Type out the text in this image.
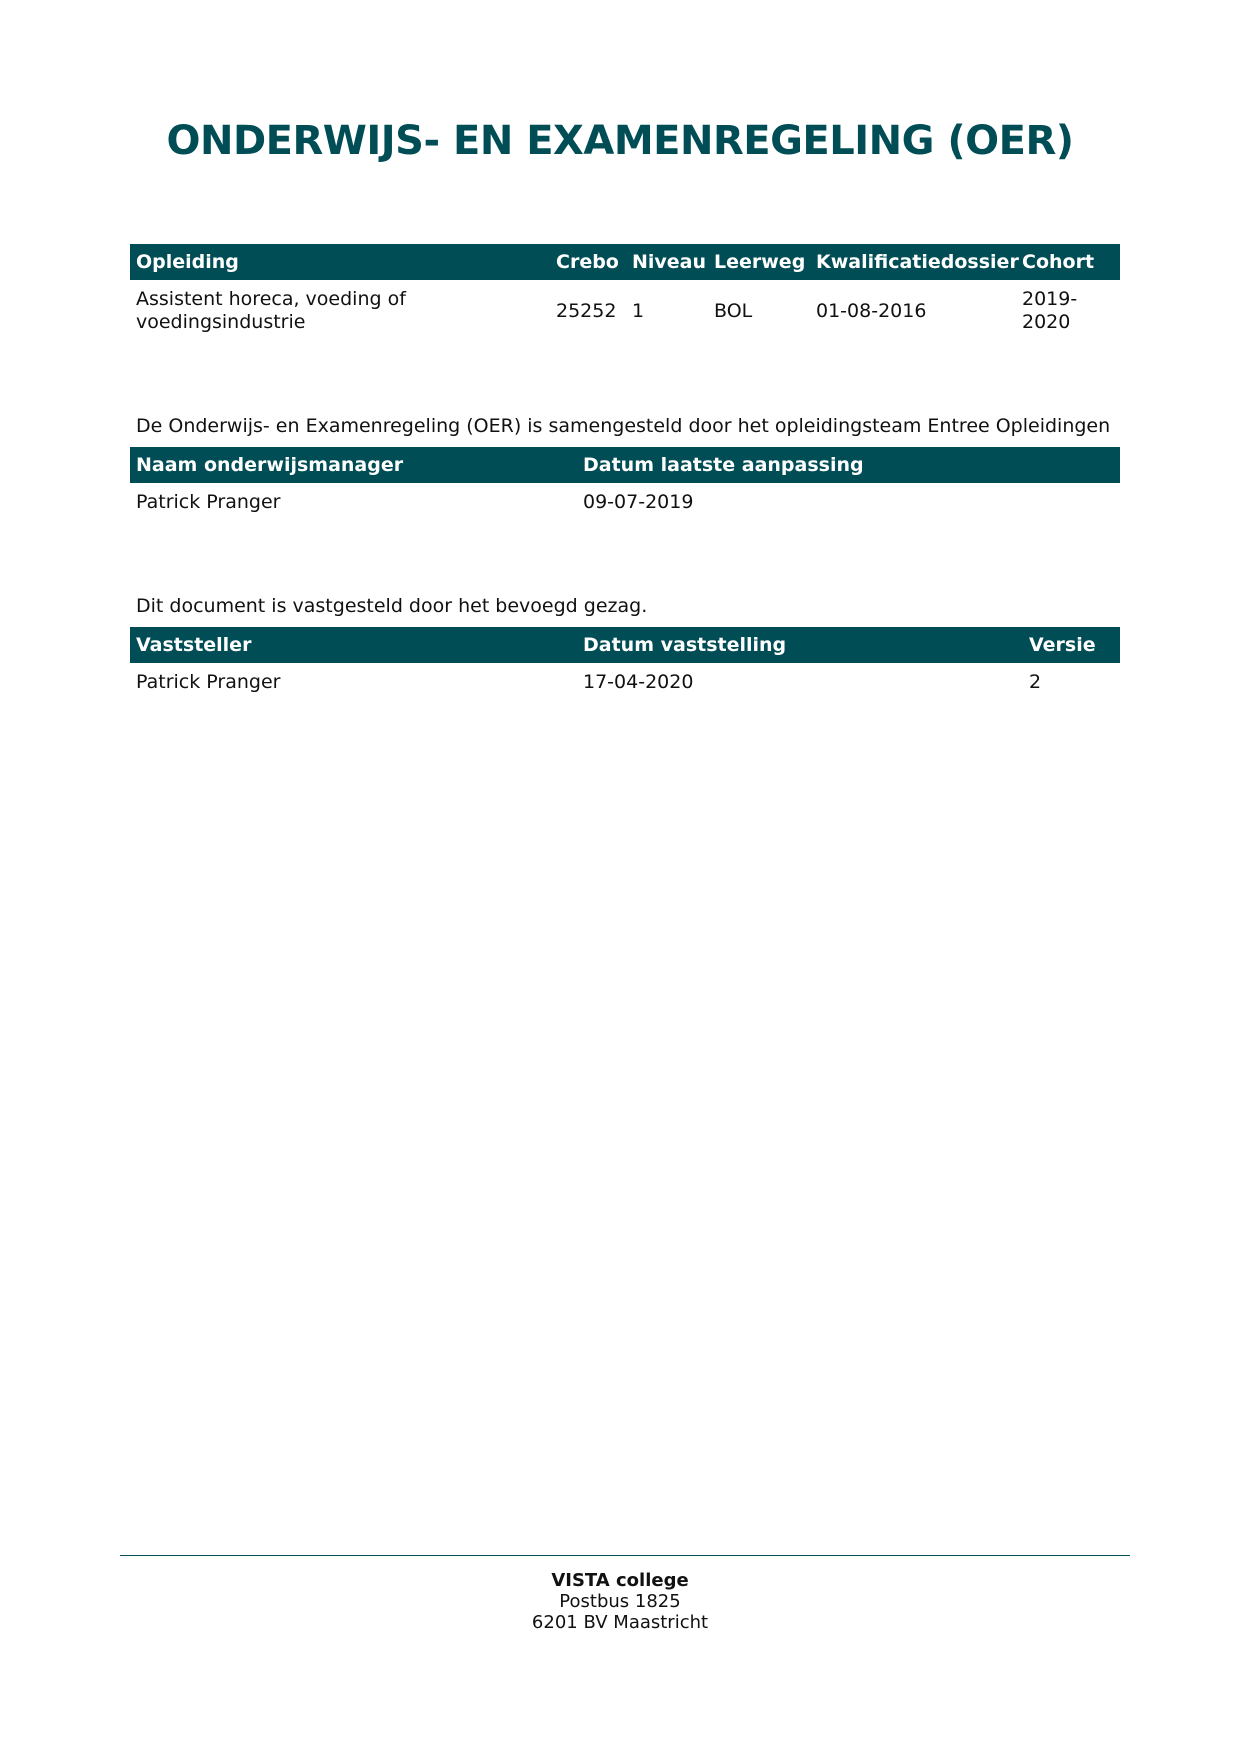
ONDERWIJS- EN EXAMENREGELING (OER)
Opleiding	Crebo	Niveau	Leerweg	Kwalificatiedossier	Cohort
Assistent horeca, voeding of voedingsindustrie	25252	1	BOL	01-08-2016	2019-2020

De Onderwijs- en Examenregeling (OER) is samengesteld door het opleidingsteam Entree Opleidingen

Naam onderwijsmanager	Datum laatste aanpassing
Patrick Pranger	09-07-2019

Dit document is vastgesteld door het bevoegd gezag.

Vaststeller	Datum vaststelling	Versie
Patrick Pranger	17-04-2020	2
VISTA college
Postbus 1825
6201 BV Maastricht
